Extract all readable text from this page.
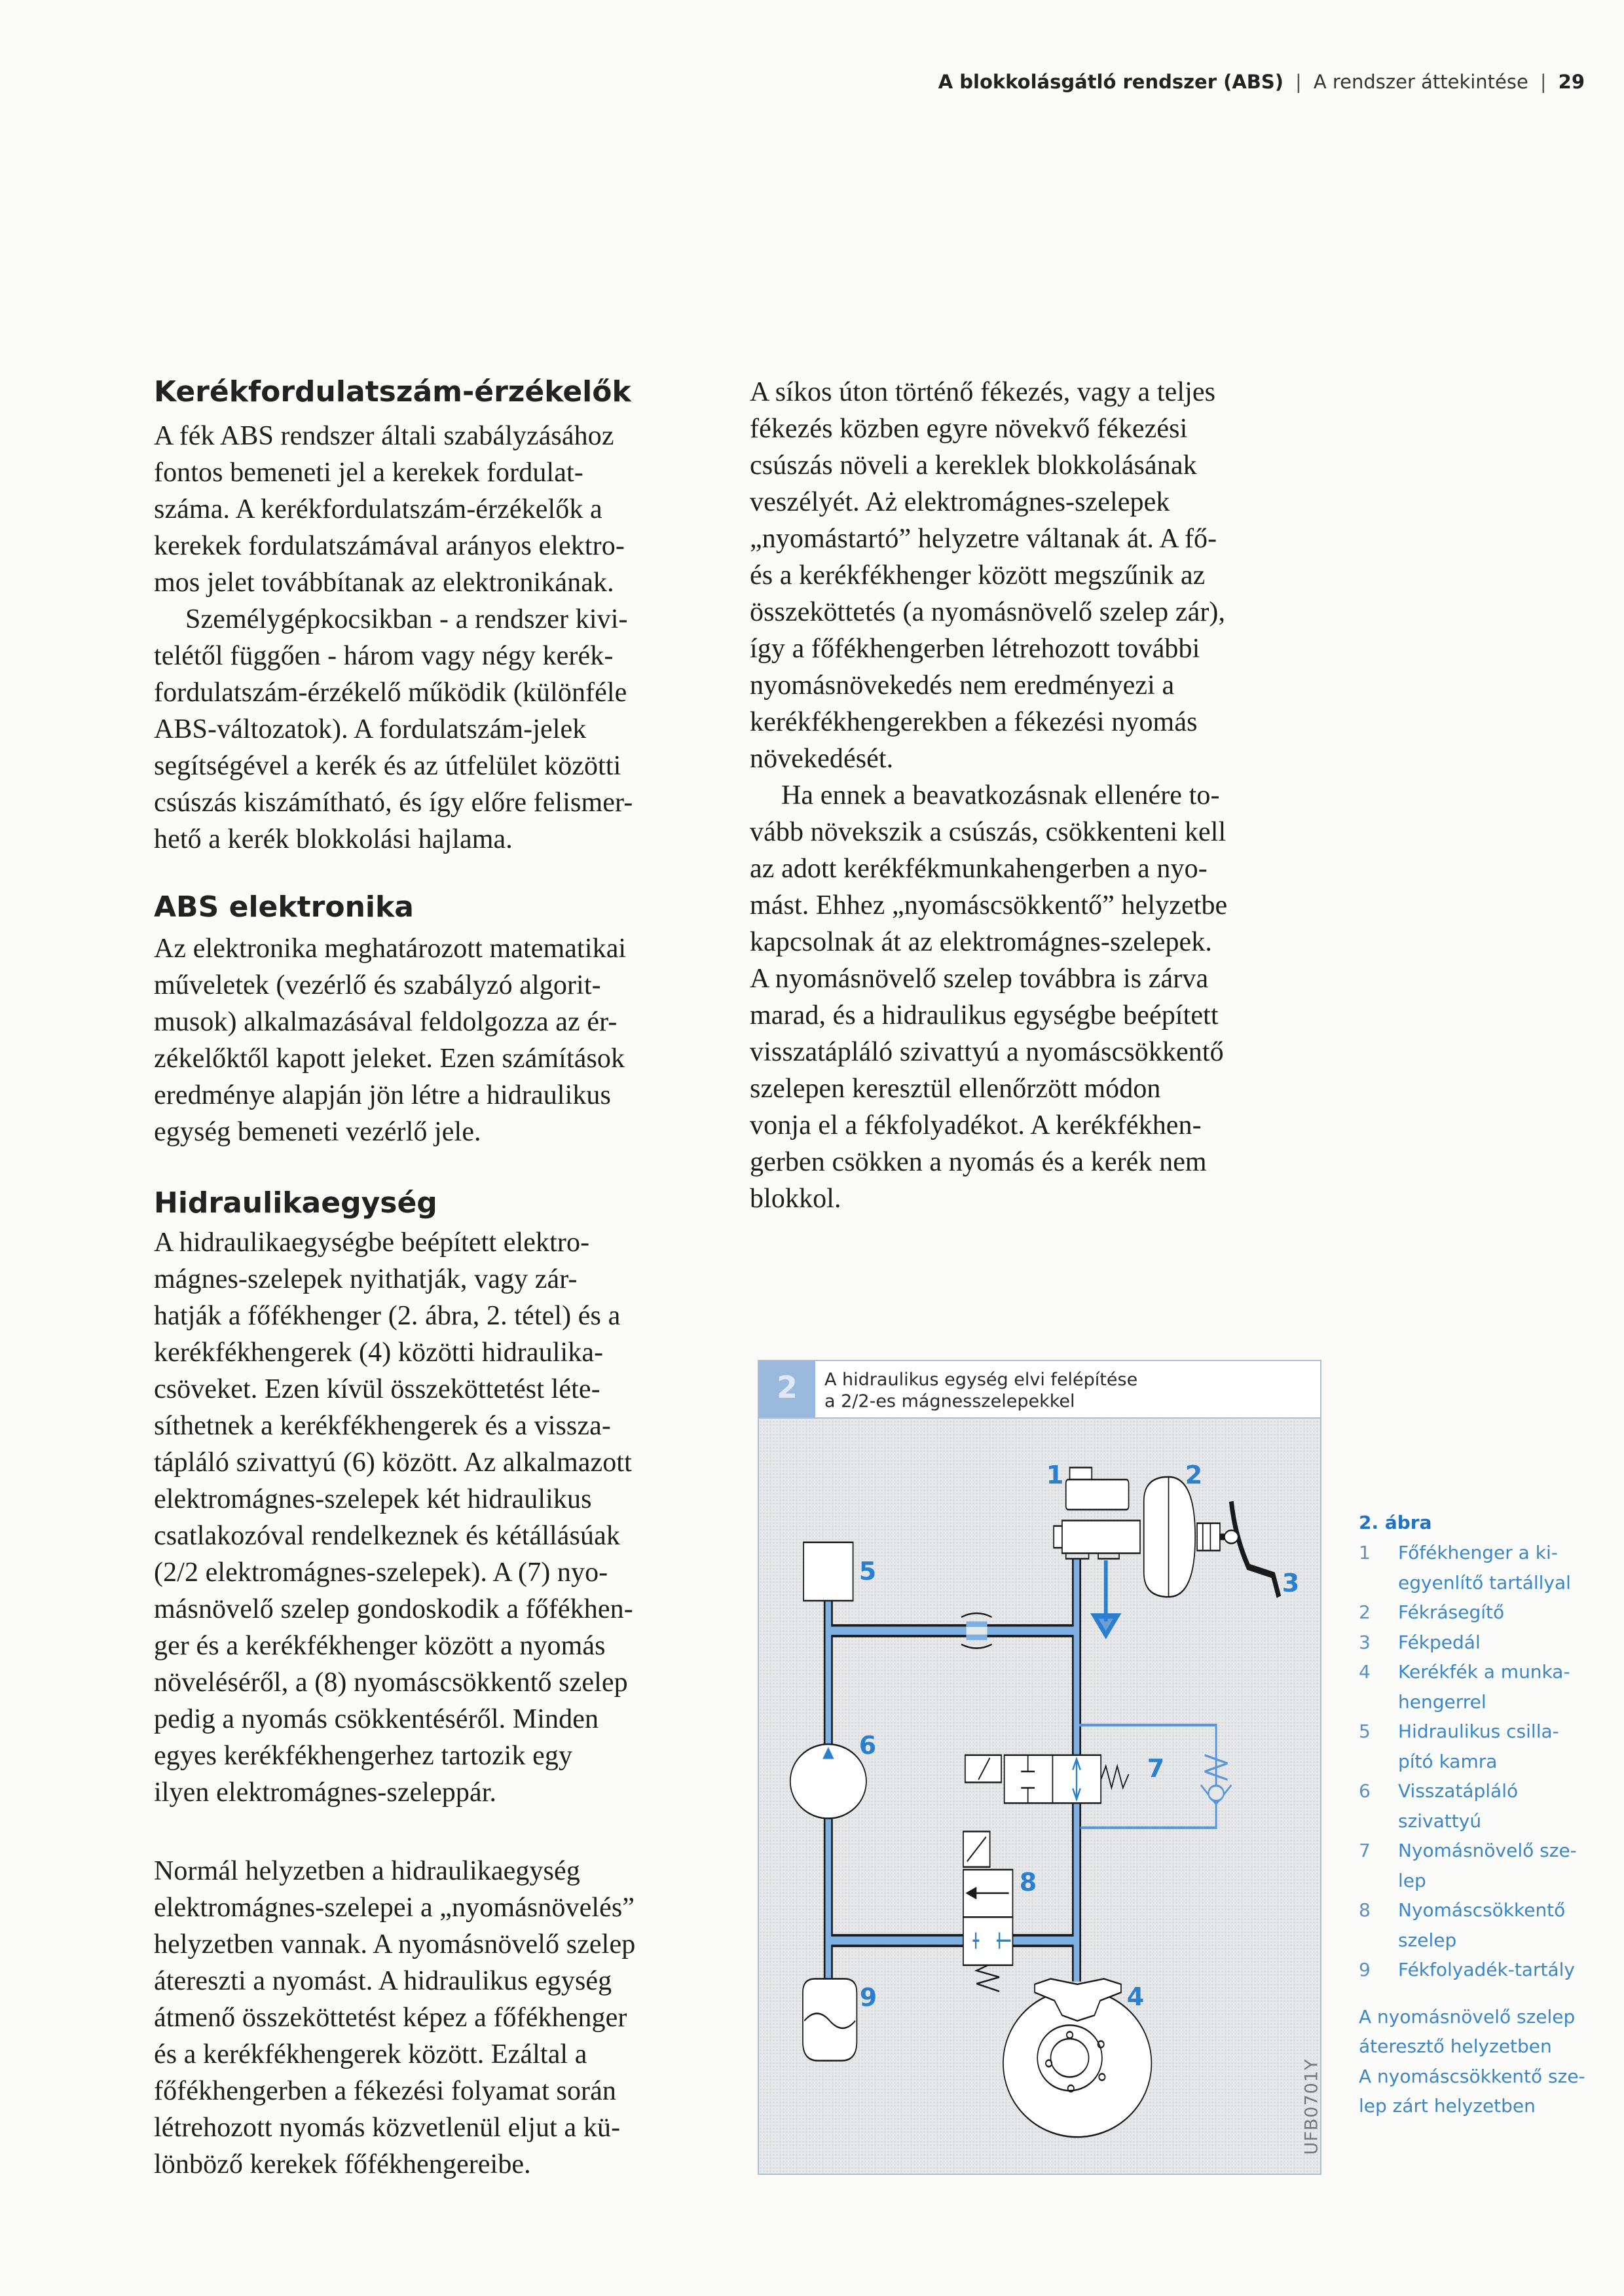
A blokkolásgátló rendszer (ABS) | A rendszer áttekintése | 29
Kerékfordulatszám-érzékelők
A fék ABS rendszer általi szabályzásához
fontos bemeneti jel a kerekek fordulat-
száma. A kerékfordulatszám-érzékelők a
kerekek fordulatszámával arányos elektro-
mos jelet továbbítanak az elektronikának.
Személygépkocsikban - a rendszer kivi-
telétől függően - három vagy négy kerék-
fordulatszám-érzékelő működik (különféle
ABS-változatok). A fordulatszám-jelek
segítségével a kerék és az útfelület közötti
csúszás kiszámítható, és így előre felismer-
hető a kerék blokkolási hajlama.
ABS elektronika
Az elektronika meghatározott matematikai
műveletek (vezérlő és szabályzó algorit-
musok) alkalmazásával feldolgozza az ér-
zékelőktől kapott jeleket. Ezen számítások
eredménye alapján jön létre a hidraulikus
egység bemeneti vezérlő jele.
Hidraulikaegység
A hidraulikaegységbe beépített elektro-
mágnes-szelepek nyithatják, vagy zár-
hatják a főfékhenger (2. ábra, 2. tétel) és a
kerékfékhengerek (4) közötti hidraulika-
csöveket. Ezen kívül összeköttetést léte-
síthetnek a kerékfékhengerek és a vissza-
tápláló szivattyú (6) között. Az alkalmazott
elektromágnes-szelepek két hidraulikus
csatlakozóval rendelkeznek és kétállásúak
(2/2 elektromágnes-szelepek). A (7) nyo-
másnövelő szelep gondoskodik a főfékhen-
ger és a kerékfékhenger között a nyomás
növeléséről, a (8) nyomáscsökkentő szelep
pedig a nyomás csökkentéséről. Minden
egyes kerékfékhengerhez tartozik egy
ilyen elektromágnes-szeleppár.
Normál helyzetben a hidraulikaegység
elektromágnes-szelepei a „nyomásnövelés”
helyzetben vannak. A nyomásnövelő szelep
átereszti a nyomást. A hidraulikus egység
átmenő összeköttetést képez a főfékhenger
és a kerékfékhengerek között. Ezáltal a
főfékhengerben a fékezési folyamat során
létrehozott nyomás közvetlenül eljut a kü-
lönböző kerekek főfékhengereibe.
A síkos úton történő fékezés, vagy a teljes
fékezés közben egyre növekvő fékezési
csúszás növeli a kereklek blokkolásának
veszélyét. Aż elektromágnes-szelepek
„nyomástartó” helyzetre váltanak át. A fő-
és a kerékfékhenger között megszűnik az
összeköttetés (a nyomásnövelő szelep zár),
így a főfékhengerben létrehozott további
nyomásnövekedés nem eredményezi a
kerékfékhengerekben a fékezési nyomás
növekedését.
Ha ennek a beavatkozásnak ellenére to-
vább növekszik a csúszás, csökkenteni kell
az adott kerékfékmunkahengerben a nyo-
mást. Ehhez „nyomáscsökkentő” helyzetbe
kapcsolnak át az elektromágnes-szelepek.
A nyomásnövelő szelep továbbra is zárva
marad, és a hidraulikus egységbe beépített
visszatápláló szivattyú a nyomáscsökkentő
szelepen keresztül ellenőrzött módon
vonja el a fékfolyadékot. A kerékfékhen-
gerben csökken a nyomás és a kerék nem
blokkol.
2	A hidraulikus egység elvi felépítése
a 2/2-es mágnesszelepekkel
1	2
3
4
5
6
7
8
9
UFB0701Y
2. ábra
1	Főfékhenger a ki-
egyenlítő tartállyal
2	Fékrásegítő
3	Fékpedál
4	Kerékfék a munka-
hengerrel
5	Hidraulikus csilla-
pító kamra
6	Visszatápláló
szivattyú
7	Nyomásnövelő sze-
lep
8	Nyomáscsökkentő
szelep
9	Fékfolyadék-tartály
A nyomásnövelő szelep
áteresztő helyzetben
A nyomáscsökkentő sze-
lep zárt helyzetben
